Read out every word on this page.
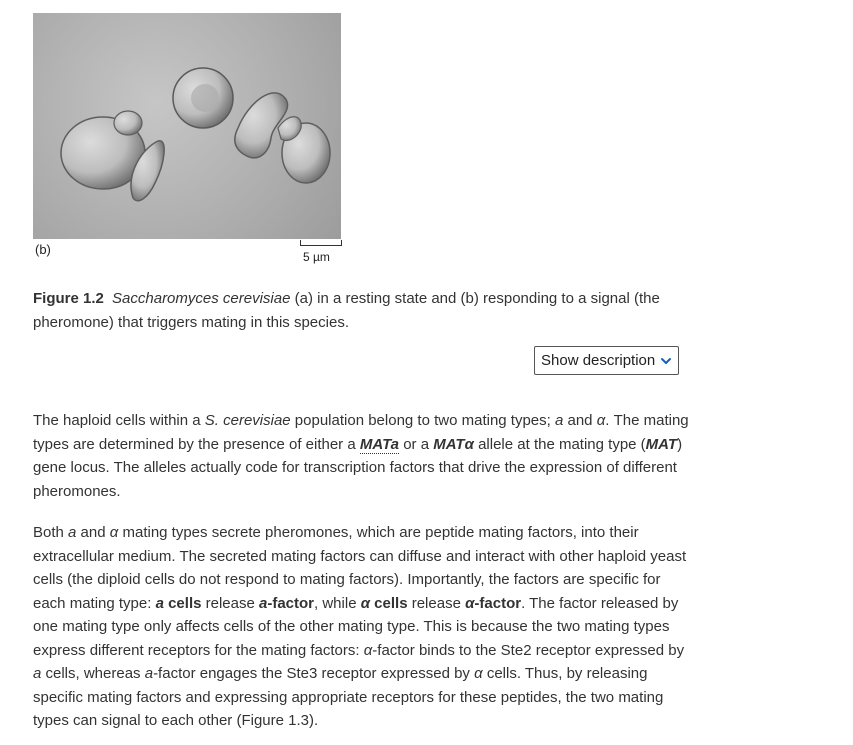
(b)	5 µm
Figure 1.2 Saccharomyces cerevisiae (a) in a resting state and (b) responding to a signal (the pheromone) that triggers mating in this species.
Show description

The haploid cells within a S. cerevisiae population belong to two mating types; a and α. The mating types are determined by the presence of either a MATa or a MATα allele at the mating type (MAT) gene locus. The alleles actually code for transcription factors that drive the expression of different pheromones.

Both a and α mating types secrete pheromones, which are peptide mating factors, into their extracellular medium. The secreted mating factors can diffuse and interact with other haploid yeast cells (the diploid cells do not respond to mating factors). Importantly, the factors are specific for each mating type: a cells release a-factor, while α cells release α-factor. The factor released by one mating type only affects cells of the other mating type. This is because the two mating types express different receptors for the mating factors: α-factor binds to the Ste2 receptor expressed by a cells, whereas a-factor engages the Ste3 receptor expressed by α cells. Thus, by releasing specific mating factors and expressing appropriate receptors for these peptides, the two mating types can signal to each other (Figure 1.3).
